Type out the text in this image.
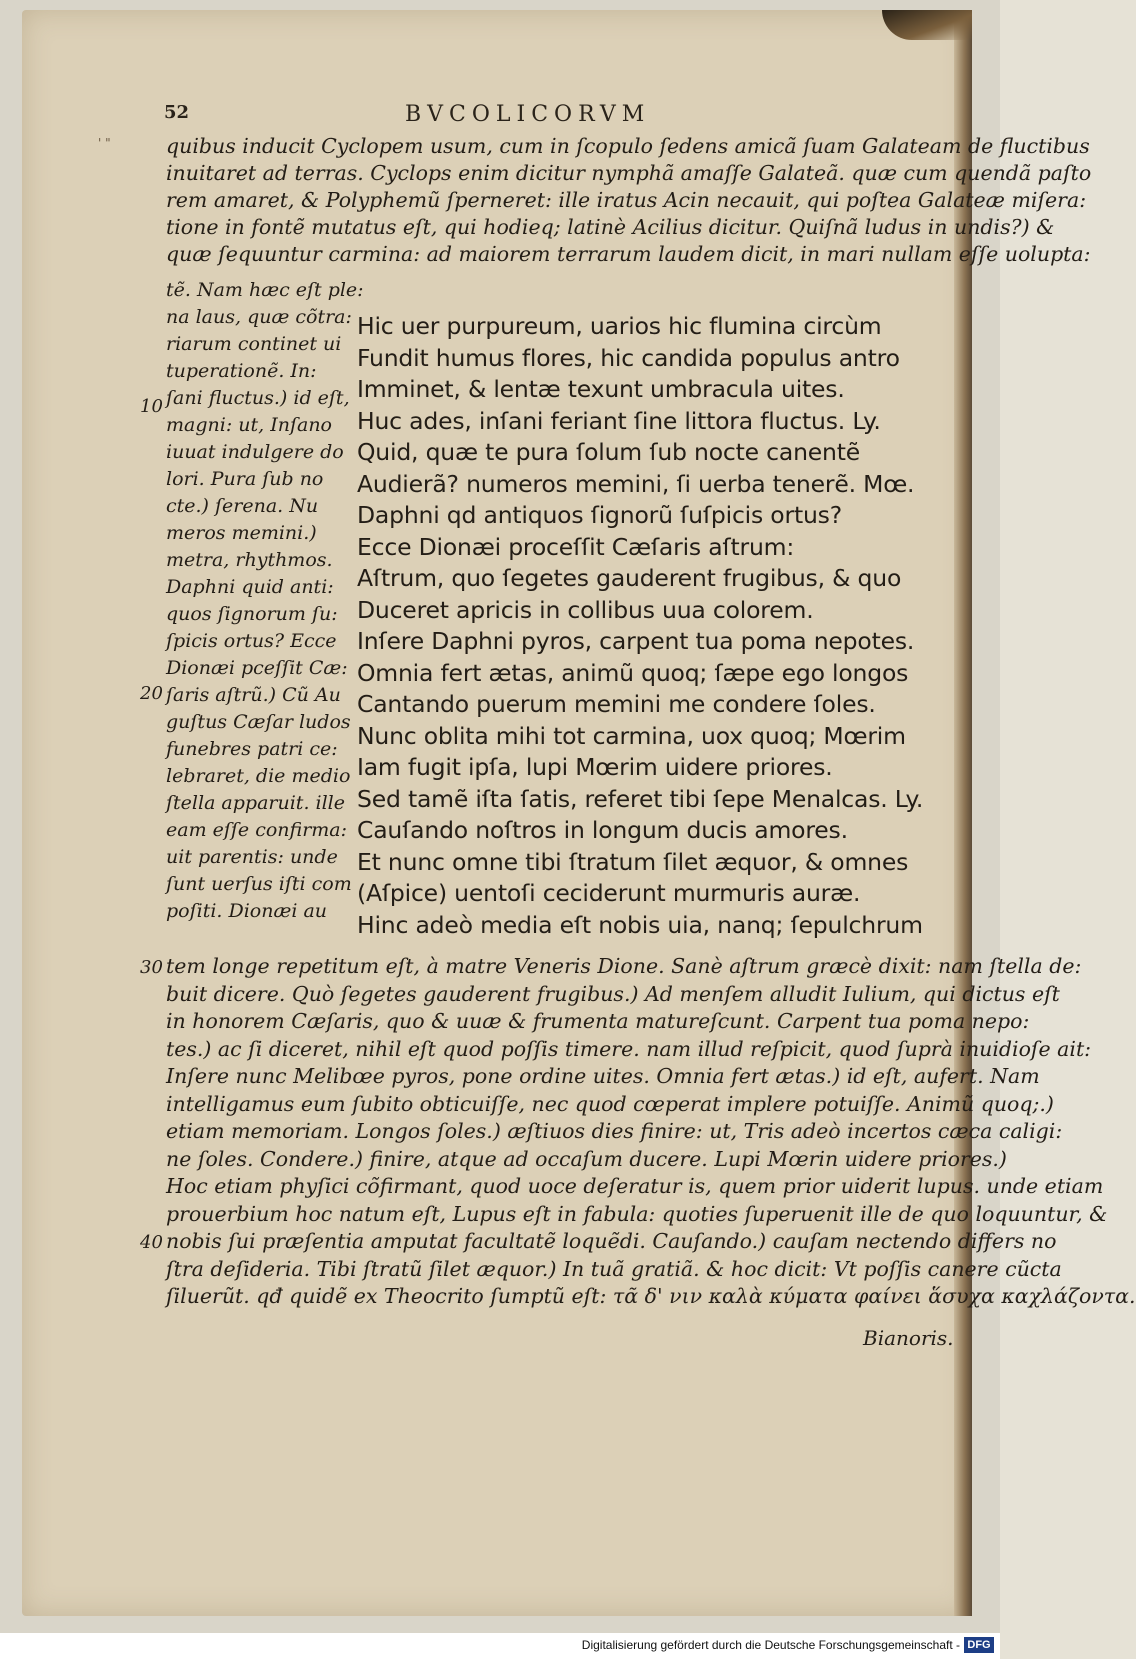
52	BVCOLICORVM
' "	quibus inducit Cyclopem usum, cum in ſcopulo ſedens amicã ſuam Galateam de fluctibus
inuitaret ad terras. Cyclops enim dicitur nymphã amaſſe Galateã. quæ cum quendã paſto
rem amaret, & Polyphemũ ſperneret: ille iratus Acin necauit, qui poſtea Galateæ miſera:
tione in fontẽ mutatus eſt, qui hodieq; latinè Acilius dicitur. Quiſnã ludus in undis?) &
quæ ſequuntur carmina: ad maiorem terrarum laudem dicit, in mari nullam eſſe uolupta:
tẽ. Nam hæc eſt ple:
na laus, quæ cõtra:
riarum continet ui
tuperationẽ. In:
ſani fluctus.) id eſt,
magni: ut, Inſano
iuuat indulgere do
lori. Pura ſub no
cte.) ſerena. Nu
meros memini.)
metra, rhythmos.
Daphni quid anti:
quos ſignorum ſu:
ſpicis ortus? Ecce
Dionæi pceſſit Cæ:
ſaris aſtrũ.) Cũ Au
guſtus Cæſar ludos
funebres patri ce:
lebraret, die medio
ſtella apparuit. ille
eam eſſe confirma:
uit parentis: unde
ſunt uerſus iſti com
poſiti. Dionæi au
Hic uer purpureum, uarios hic flumina circùm
Fundit humus flores, hic candida populus antro
Imminet, & lentæ texunt umbracula uites.
Huc ades, inſani feriant ſine littora fluctus. Ly.
Quid, quæ te pura ſolum ſub nocte canentẽ
Audierã? numeros memini, ſi uerba tenerẽ. Mœ.
Daphni qd antiquos ſignorũ ſuſpicis ortus?
Ecce Dionæi proceſſit Cæſaris aſtrum:
Aſtrum, quo ſegetes gauderent frugibus, & quo
Duceret apricis in collibus uua colorem.
Inſere Daphni pyros, carpent tua poma nepotes.
Omnia fert ætas, animũ quoq; ſæpe ego longos
Cantando puerum memini me condere ſoles.
Nunc oblita mihi tot carmina, uox quoq; Mœrim
Iam fugit ipſa, lupi Mœrim uidere priores.
Sed tamẽ iſta ſatis, referet tibi ſepe Menalcas. Ly.
Cauſando noſtros in longum ducis amores.
Et nunc omne tibi ſtratum ſilet æquor, & omnes
(Aſpice) uentoſi ceciderunt murmuris auræ.
Hinc adeò media eſt nobis uia, nanq; ſepulchrum
tem longe repetitum eſt, à matre Veneris Dione. Sanè aſtrum græcè dixit: nam ſtella de:
buit dicere. Quò ſegetes gauderent frugibus.) Ad menſem alludit Iulium, qui dictus eſt
in honorem Cæſaris, quo & uuæ & frumenta matureſcunt. Carpent tua poma nepo:
tes.) ac ſi diceret, nihil eſt quod poſſis timere. nam illud reſpicit, quod ſuprà inuidioſe ait:
Inſere nunc Melibœe pyros, pone ordine uites. Omnia fert ætas.) id eſt, aufert. Nam
intelligamus eum ſubito obticuiſſe, nec quod cœperat implere potuiſſe. Animũ quoq;.)
etiam memoriam. Longos ſoles.) æſtiuos dies finire: ut, Tris adeò incertos cæca caligi:
ne ſoles. Condere.) finire, atque ad occaſum ducere. Lupi Mœrin uidere priores.)
Hoc etiam phyſici cõfirmant, quod uoce deſeratur is, quem prior uiderit lupus. unde etiam
prouerbium hoc natum eſt, Lupus eſt in fabula: quoties ſuperuenit ille de quo loquuntur, &
nobis ſui præſentia amputat facultatẽ loquẽdi. Cauſando.) cauſam nectendo differs no
ſtra deſideria. Tibi ſtratũ ſilet æquor.) In tuã gratiã. & hoc dicit: Vt poſſis canere cũcta
ſiluerũt. qđ quidẽ ex Theocrito ſumptũ eſt: τᾶ δ' νιν καλὰ κύματα φαίνει ἅσυχα καχλάζοντα.
10
20
30
40
Bianoris.
Digitalisierung gefördert durch die Deutsche Forschungsgemeinschaft - DFG
